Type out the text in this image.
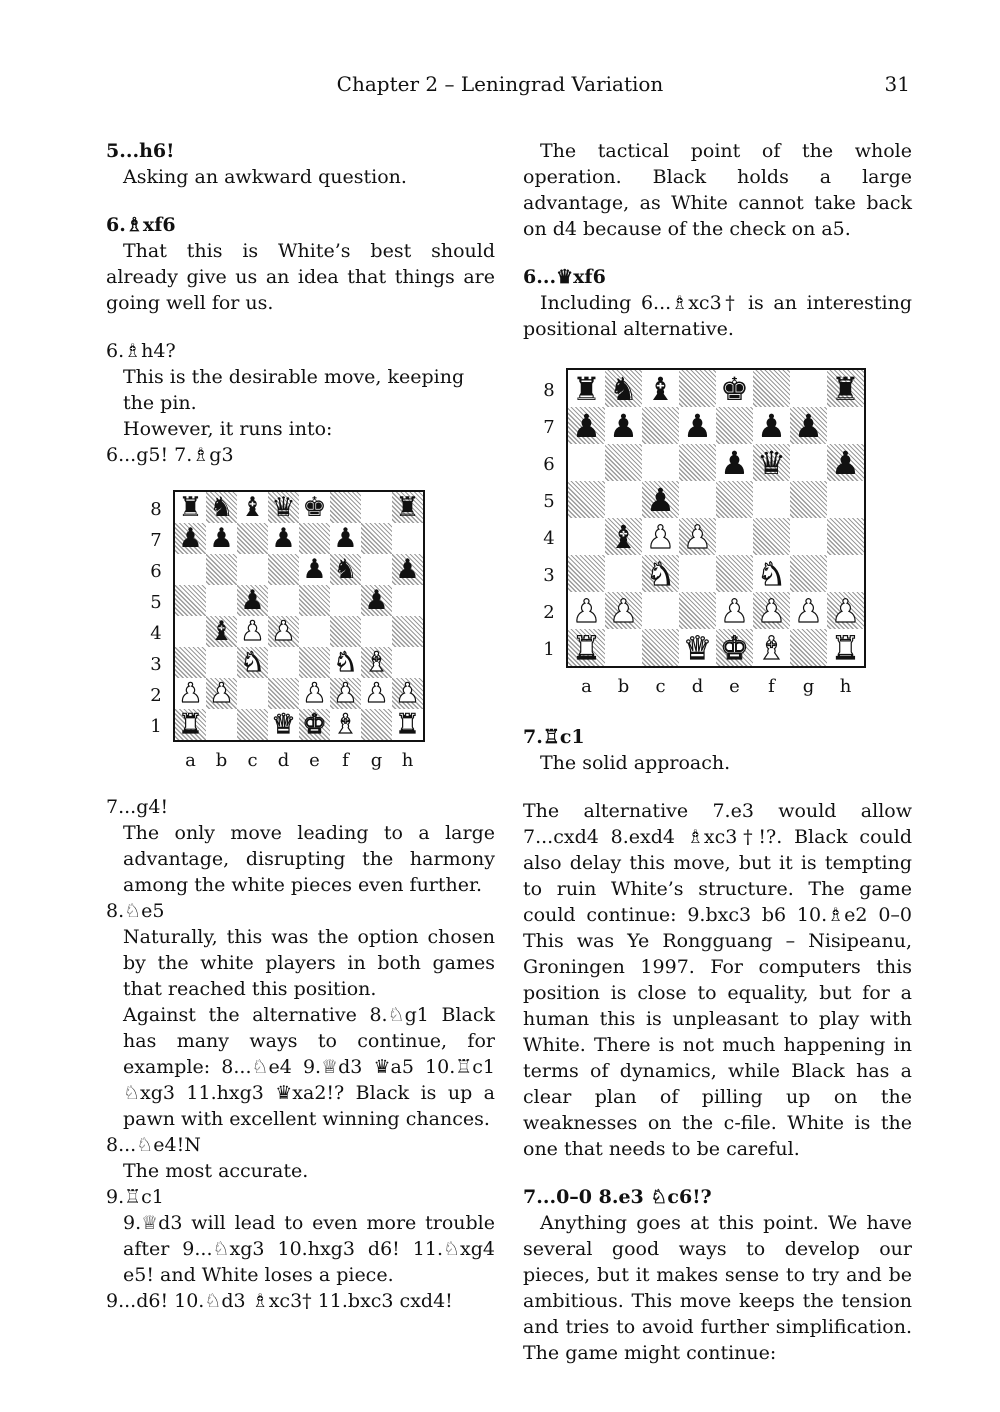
Chapter 2 – Leningrad Variation	31

5...h6!

Asking an awkward question.

6.♗xf6

That this is White’s best should already give us an idea that things are going well for us.

6.♗h4?

This is the desirable move, keeping the pin.

However, it runs into:

6...g5! 7.♗g3

♜ ♞ ♝ ♛ ♚	♜
♟ ♟ ♟ ♟
♟ ♞ ♟
♟	♟
♝ ♟ ♟
♞	♞ ♝
♟ ♟	♟ ♟ ♟ ♟
♜	♛ ♚ ♝ ♜
8
7
6
5
4
3
2
1
a	b	c	d	e	f	g	h

7...g4!

The only move leading to a large advantage, disrupting the harmony among the white pieces even further.

8.♘e5

Naturally, this was the option chosen by the white players in both games that reached this position.

Against the alternative 8.♘g1 Black has many ways to continue, for example: 8...♘e4 9.♕d3 ♛a5 10.♖c1 ♘xg3 11.hxg3 ♛xa2!? Black is up a pawn with excellent winning chances.

8...♘e4!N

The most accurate.

9.♖c1

9.♕d3 will lead to even more trouble after 9...♘xg3 10.hxg3 d6! 11.♘xg4 e5! and White loses a piece.

9...d6! 10.♘d3 ♗xc3† 11.bxc3 cxd4!

The tactical point of the whole operation. Black holds a large advantage, as White cannot take back on d4 because of the check on a5.

6...♛xf6

Including 6...♗xc3† is an interesting positional alternative.

♜ ♞ ♝ ♚	♜
♟ ♟ ♟ ♟ ♟
♟ ♛ ♟
♟
♝ ♟ ♟
♞	♞
♟ ♟	♟ ♟ ♟ ♟
♜	♛ ♚ ♝ ♜
8
7
6
5
4
3
2
1
a	b	c	d	e	f	g	h

7.♖c1

The solid approach.

The alternative 7.e3 would allow 7...cxd4 8.exd4 ♗xc3†!?. Black could also delay this move, but it is tempting to ruin White’s structure. The game could continue: 9.bxc3 b6 10.♗e2 0–0 This was Ye Rongguang – Nisipeanu, Groningen 1997. For computers this position is close to equality, but for a human this is unpleasant to play with White. There is not much happening in terms of dynamics, while Black has a clear plan of pilling up on the weaknesses on the c-file. White is the one that needs to be careful.

7...0–0 8.e3 ♘c6!?

Anything goes at this point. We have several good ways to develop our pieces, but it makes sense to try and be ambitious. This move keeps the tension and tries to avoid further simplification. The game might continue:
